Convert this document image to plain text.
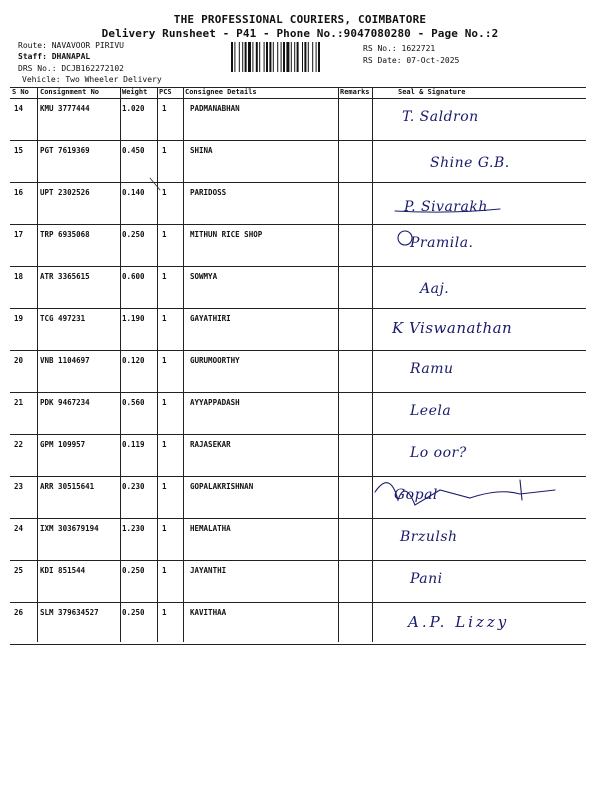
THE PROFESSIONAL COURIERS, COIMBATORE
Delivery Runsheet - P41 - Phone No.:9047080280 - Page No.:2
Route: NAVAVOOR PIRIVU
Staff: DHANAPAL
DRS No.: DCJB162272102
Vehicle: Two Wheeler Delivery
RS No.: 1622721
RS Date: 07-Oct-2025
S No Consignment No	Weight PCS Consignee Details	Remarks	Seal & Signature
14 KMU 3777444	1.020 1	PADMANABHAN
T. Saldron
15 PGT 7619369	0.450 1	SHINA
Shine G.B.
16 UPT 2302526	0.140 1	PARIDOSS
P. Sivarakh
17 TRP 6935068	0.250 1	MITHUN RICE SHOP
Pramila.
18 ATR 3365615	0.600 1	SOWMYA
Aaj.
19 TCG 497231	1.190 1	GAYATHIRI
K Viswanathan
20 VNB 1104697	0.120 1	GURUMOORTHY
Ramu
21 PDK 9467234	0.560 1	AYYAPPADASH
Leela
22 GPM 109957	0.119 1	RAJASEKAR
Lo oor?
23 ARR 30515641	0.230 1	GOPALAKRISHNAN
Gopal
24 IXM 303679194	1.230 1	HEMALATHA
Brzulsh
25 KDI 851544	0.250 1	JAYANTHI
Pani
26 SLM 379634527	0.250 1	KAVITHAA
A.P. Lizzy
